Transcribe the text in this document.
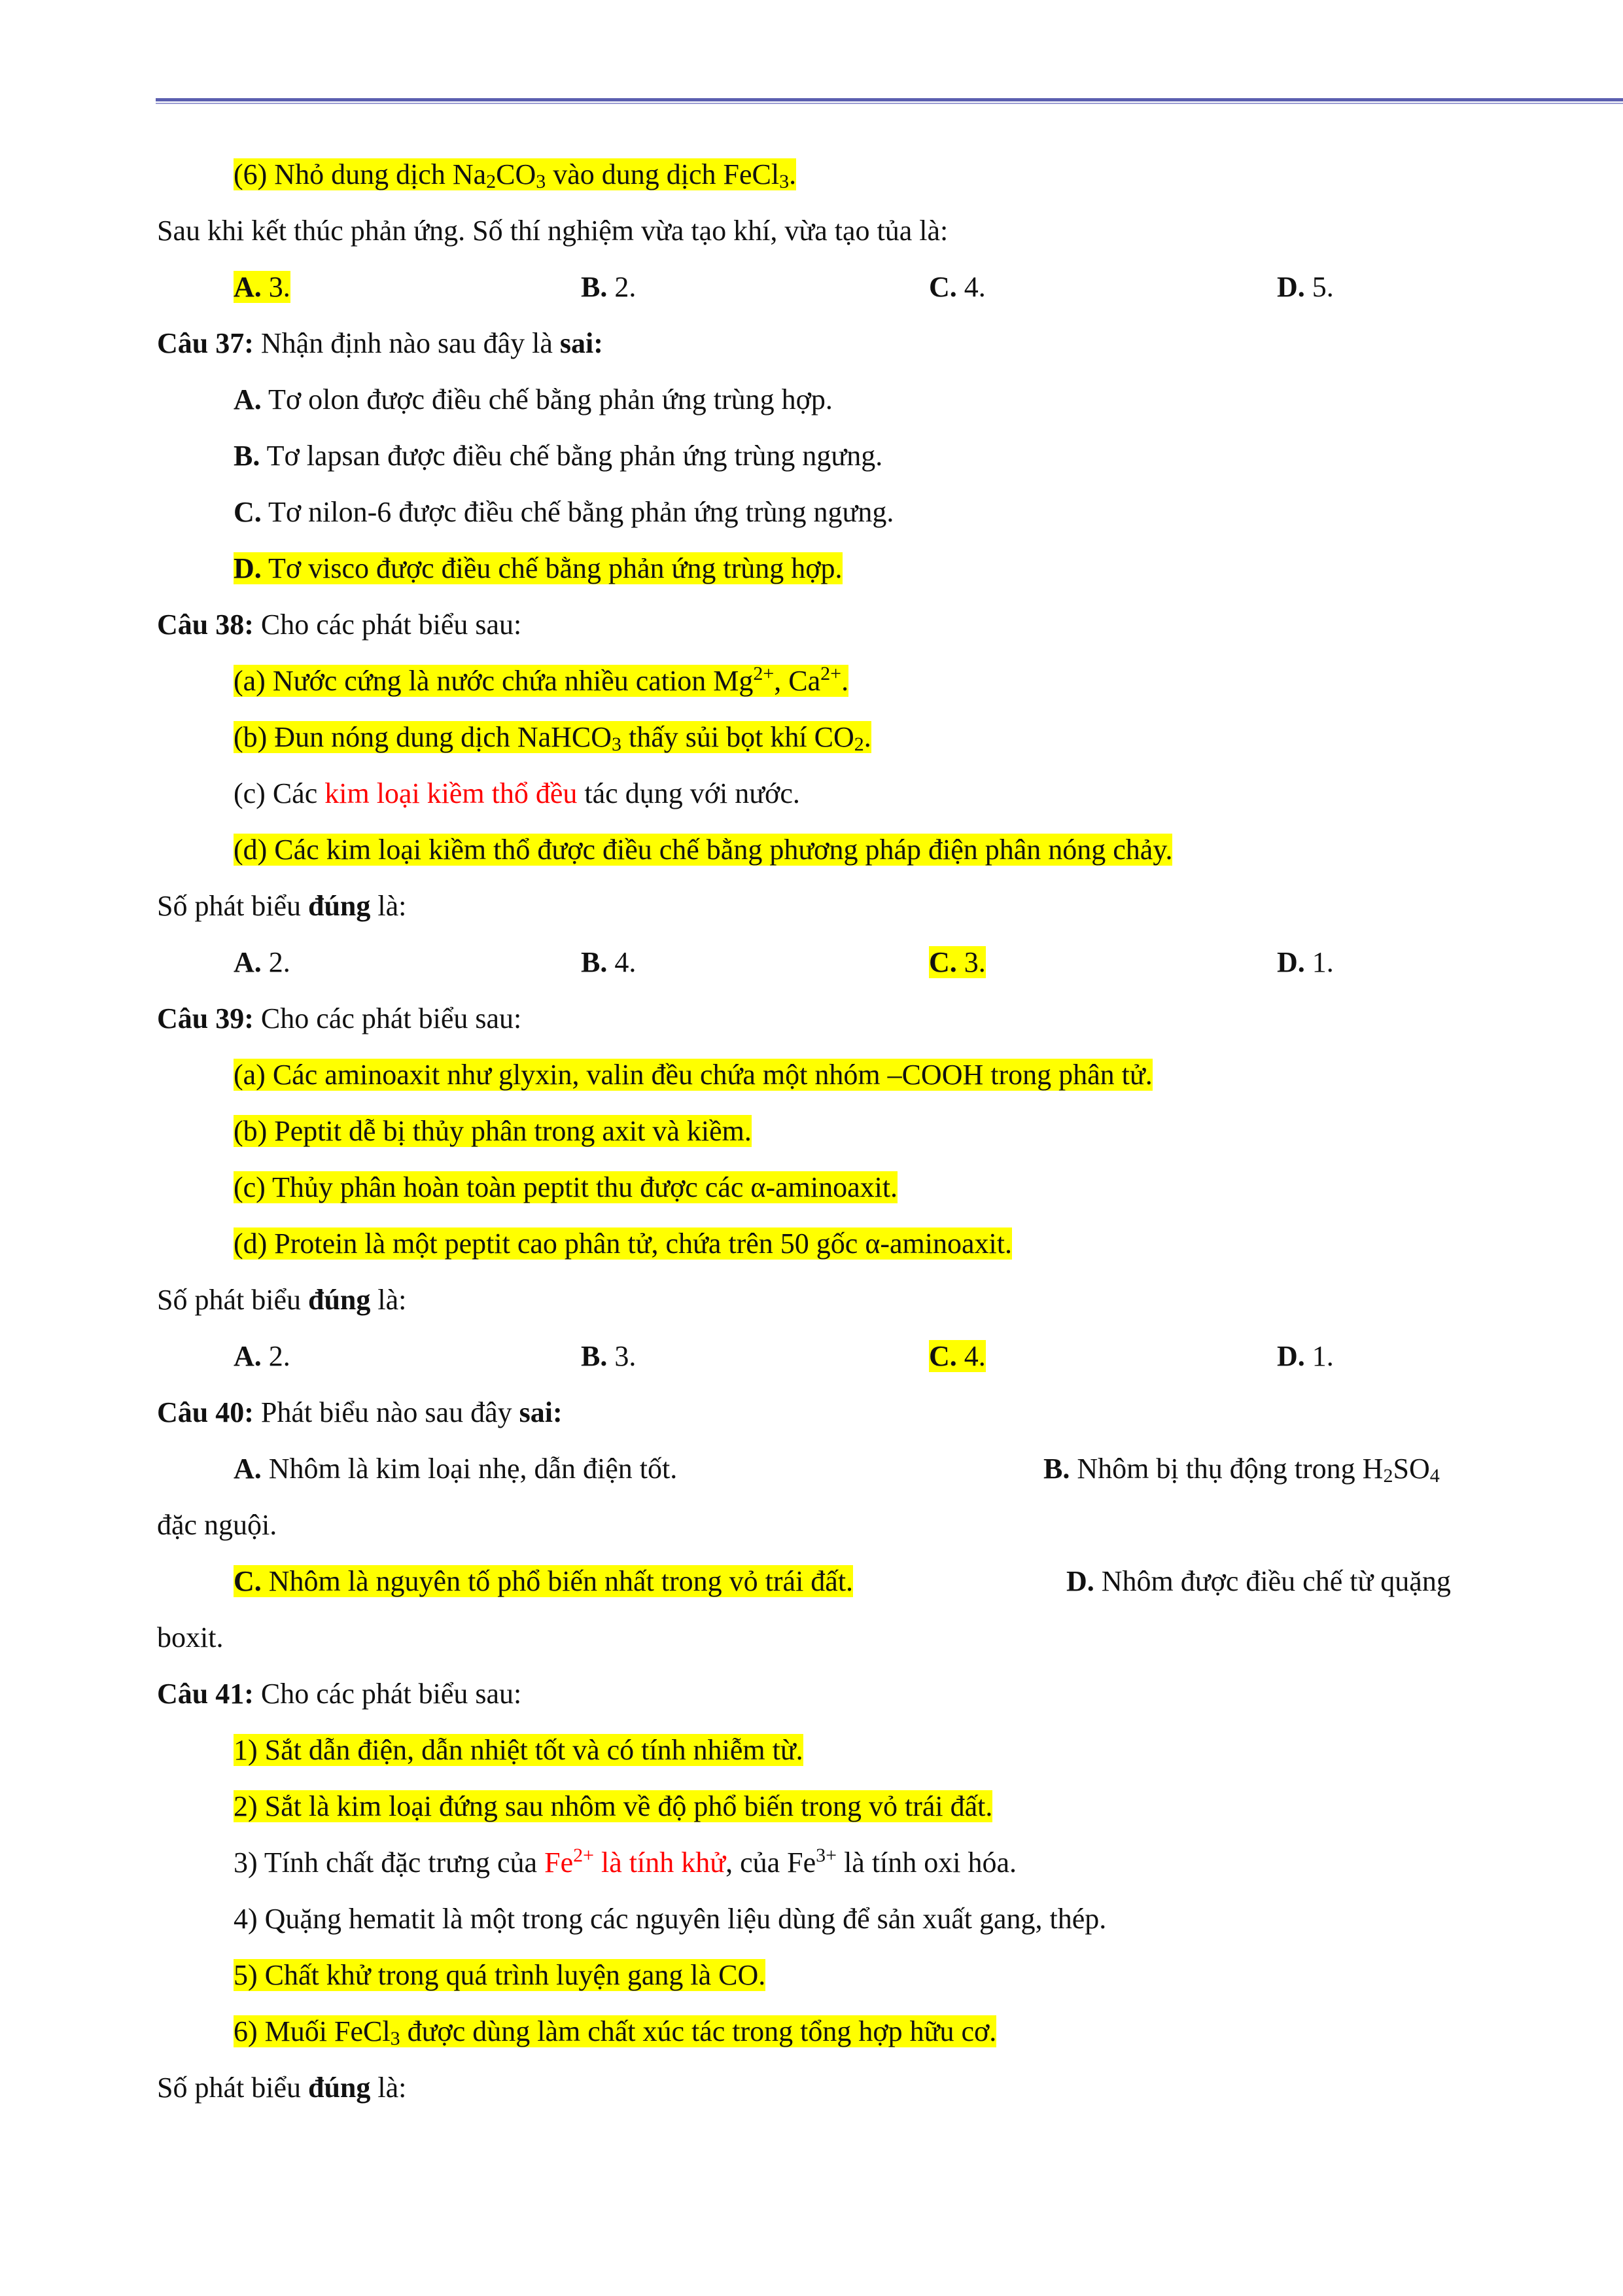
(6) Nhỏ dung dịch $Na_2CO_3$ vào dung dịch FeCl$_3$.
Sau khi kết thúc phản ứng. Số thí nghiệm vừa tạo khí, vừa tạo tủa là:
A. 3.	B. 2.	C. 4.	D. 5.
Câu 37: Nhận định nào sau đây là sai:
A. Tơ olon được điều chế bằng phản ứng trùng hợp.
B. Tơ lapsan được điều chế bằng phản ứng trùng ngưng.
C. Tơ nilon-6 được điều chế bằng phản ứng trùng ngưng.
D. Tơ visco được điều chế bằng phản ứng trùng hợp.
Câu 38: Cho các phát biểu sau:
(a) Nước cứng là nước chứa nhiều cation $Mg^{2+}$, $Ca^{2+}$.
(b) Đun nóng dung dịch NaHCO$_3$ thấy sủi bọt khí $CO_2$.
(c) Các kim loại kiềm thổ đều tác dụng với nước.
(d) Các kim loại kiềm thổ được điều chế bằng phương pháp điện phân nóng chảy.
Số phát biểu đúng là:
A. 2.	B. 4.	C. 3.	D. 1.
Câu 39: Cho các phát biểu sau:
(a) Các aminoaxit như glyxin, valin đều chứa một nhóm –COOH trong phân tử.
(b) Peptit dễ bị thủy phân trong axit và kiềm.
(c) Thủy phân hoàn toàn peptit thu được các α-aminoaxit.
(d) Protein là một peptit cao phân tử, chứa trên 50 gốc α-aminoaxit.
Số phát biểu đúng là:
A. 2.	B. 3.	C. 4.	D. 1.
Câu 40: Phát biểu nào sau đây sai:
A. Nhôm là kim loại nhẹ, dẫn điện tốt.	B. Nhôm bị thụ động trong $H_2SO_4$
đặc nguội.
C. Nhôm là nguyên tố phổ biến nhất trong vỏ trái đất.	D. Nhôm được điều chế từ quặng
boxit.
Câu 41: Cho các phát biểu sau:
1) Sắt dẫn điện, dẫn nhiệt tốt và có tính nhiễm từ.
2) Sắt là kim loại đứng sau nhôm về độ phổ biến trong vỏ trái đất.
3) Tính chất đặc trưng của $Fe^{2+}$ là tính khử, của $Fe^{3+}$ là tính oxi hóa.
4) Quặng hematit là một trong các nguyên liệu dùng để sản xuất gang, thép.
5) Chất khử trong quá trình luyện gang là CO.
6) Muối FeCl$_3$ được dùng làm chất xúc tác trong tổng hợp hữu cơ.
Số phát biểu đúng là:
